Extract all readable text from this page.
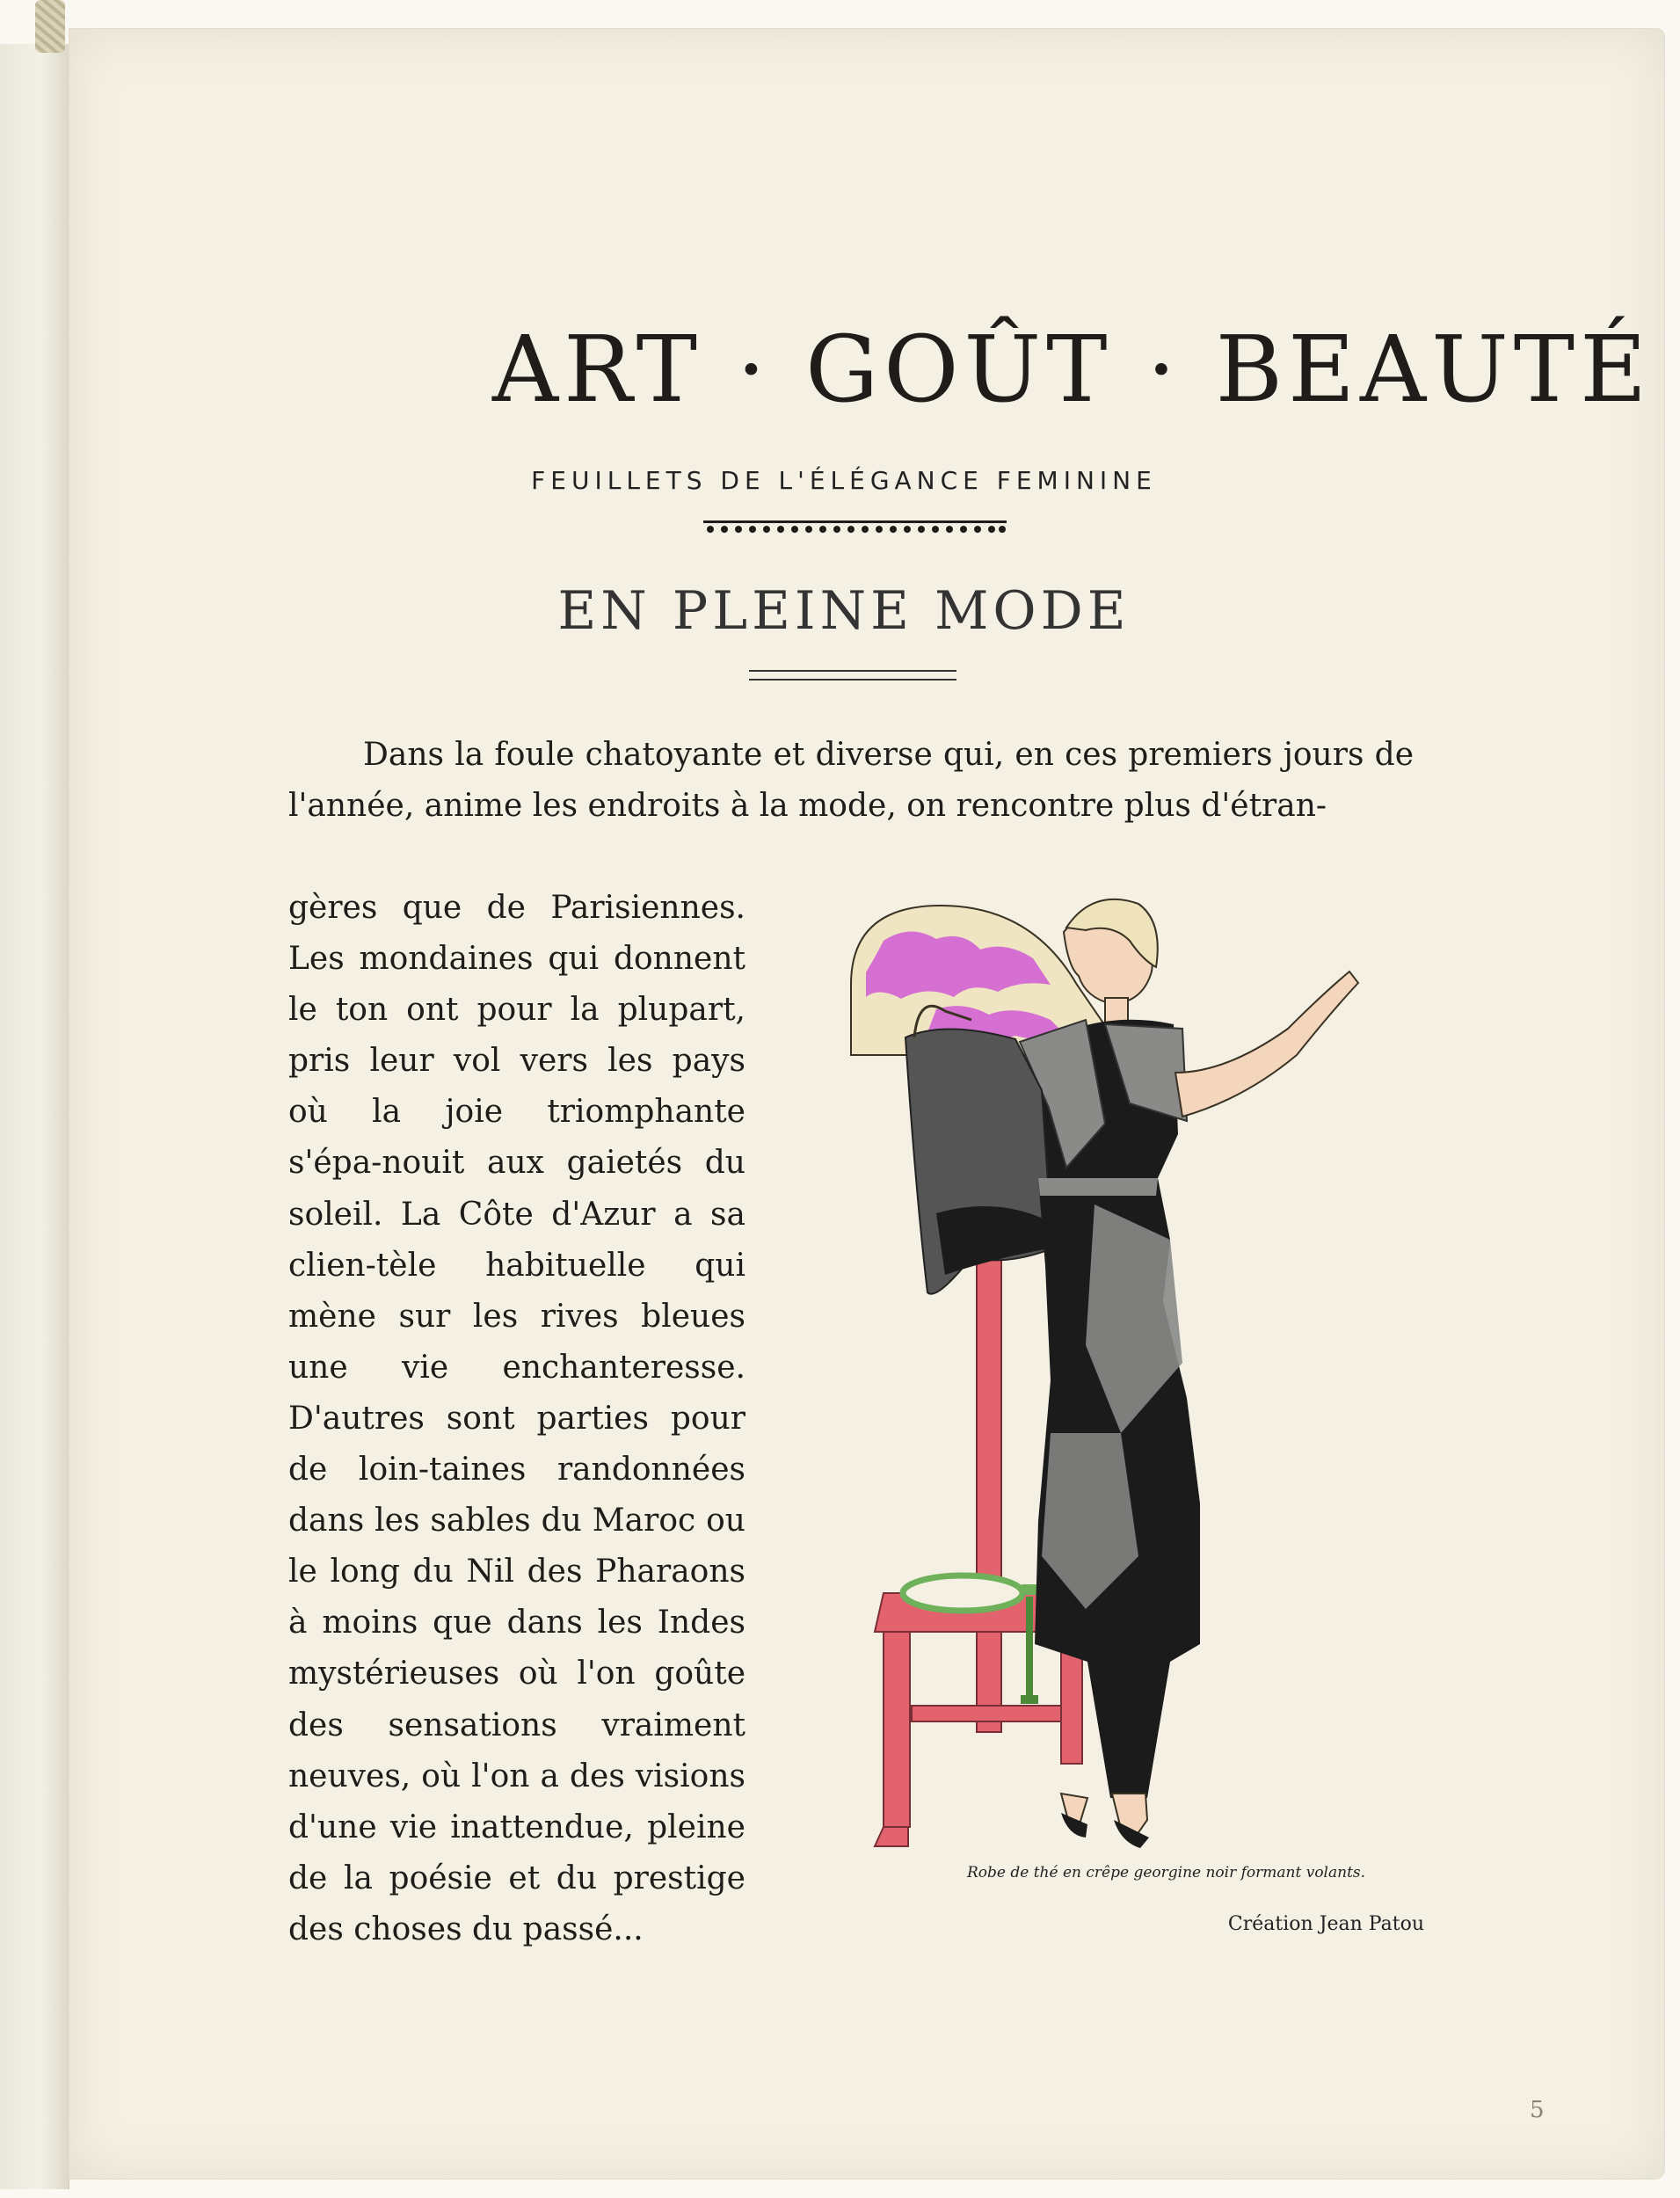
ART · GOÛT · BEAUTÉ
FEUILLETS DE L'ÉLÉGANCE FEMININE
EN PLEINE MODE

Dans la foule chatoyante et diverse qui, en ces premiers jours de l'année, anime les endroits à la mode, on rencontre plus d'étran-

gères que de Parisiennes. Les mondaines qui donnent le ton ont pour la plupart, pris leur vol vers les pays où la joie triomphante s'épa-nouit aux gaietés du soleil. La Côte d'Azur a sa clien-tèle habituelle qui mène sur les rives bleues une vie enchanteresse. D'autres sont parties pour de loin-taines randonnées dans les sables du Maroc ou le long du Nil des Pharaons à moins que dans les Indes mystérieuses où l'on goûte des sensations vraiment neuves, où l'on a des visions d'une vie inattendue, pleine de la poésie et du prestige des choses du passé...

Robe de thé en crêpe georgine noir formant volants.

Création Jean Patou

5
